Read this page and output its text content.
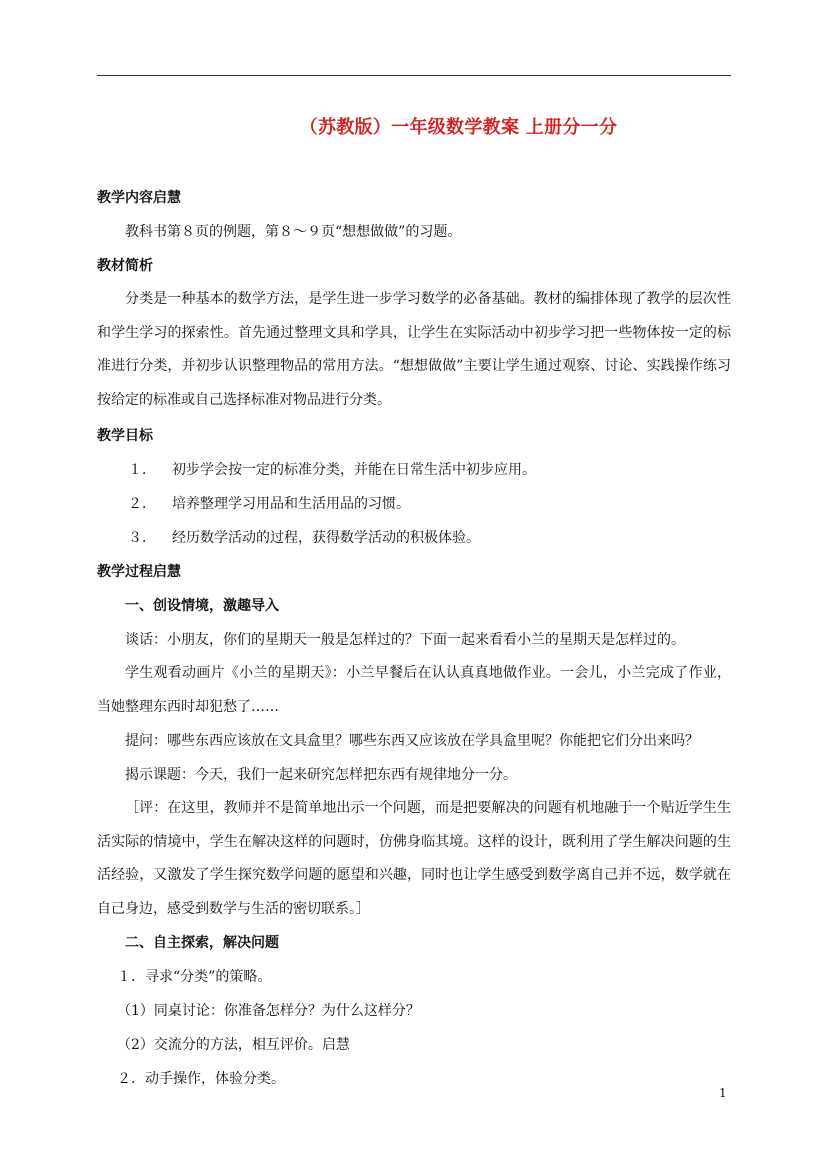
（苏教版）一年级数学教案 上册分一分
教学内容启慧
教科书第８页的例题，第８～９页“想想做做”的习题。
教材简析
分类是一种基本的数学方法，是学生进一步学习数学的必备基础。教材的编排体现了教学的层次性和学生学习的探索性。首先通过整理文具和学具，让学生在实际活动中初步学习把一些物体按一定的标准进行分类，并初步认识整理物品的常用方法。“想想做做”主要让学生通过观察、讨论、实践操作练习按给定的标准或自己选择标准对物品进行分类。
教学目标
１．	初步学会按一定的标准分类，并能在日常生活中初步应用。
２．	培养整理学习用品和生活用品的习惯。
３．	经历数学活动的过程，获得数学活动的积极体验。
教学过程启慧
一、创设情境，激趣导入
谈话：小朋友，你们的星期天一般是怎样过的？下面一起来看看小兰的星期天是怎样过的。
学生观看动画片《小兰的星期天》：小兰早餐后在认认真真地做作业。一会儿，小兰完成了作业，当她整理东西时却犯愁了……
提问：哪些东西应该放在文具盒里？哪些东西又应该放在学具盒里呢？你能把它们分出来吗？
揭示课题：今天，我们一起来研究怎样把东西有规律地分一分。
［评：在这里，教师并不是简单地出示一个问题，而是把要解决的问题有机地融于一个贴近学生生活实际的情境中，学生在解决这样的问题时，仿佛身临其境。这样的设计，既利用了学生解决问题的生活经验，又激发了学生探究数学问题的愿望和兴趣，同时也让学生感受到数学离自己并不远，数学就在自己身边，感受到数学与生活的密切联系。］
二、自主探索，解决问题
１．寻求“分类”的策略。
（1）同桌讨论：你准备怎样分？为什么这样分？
（2）交流分的方法，相互评价。启慧
２．动手操作，体验分类。
1
